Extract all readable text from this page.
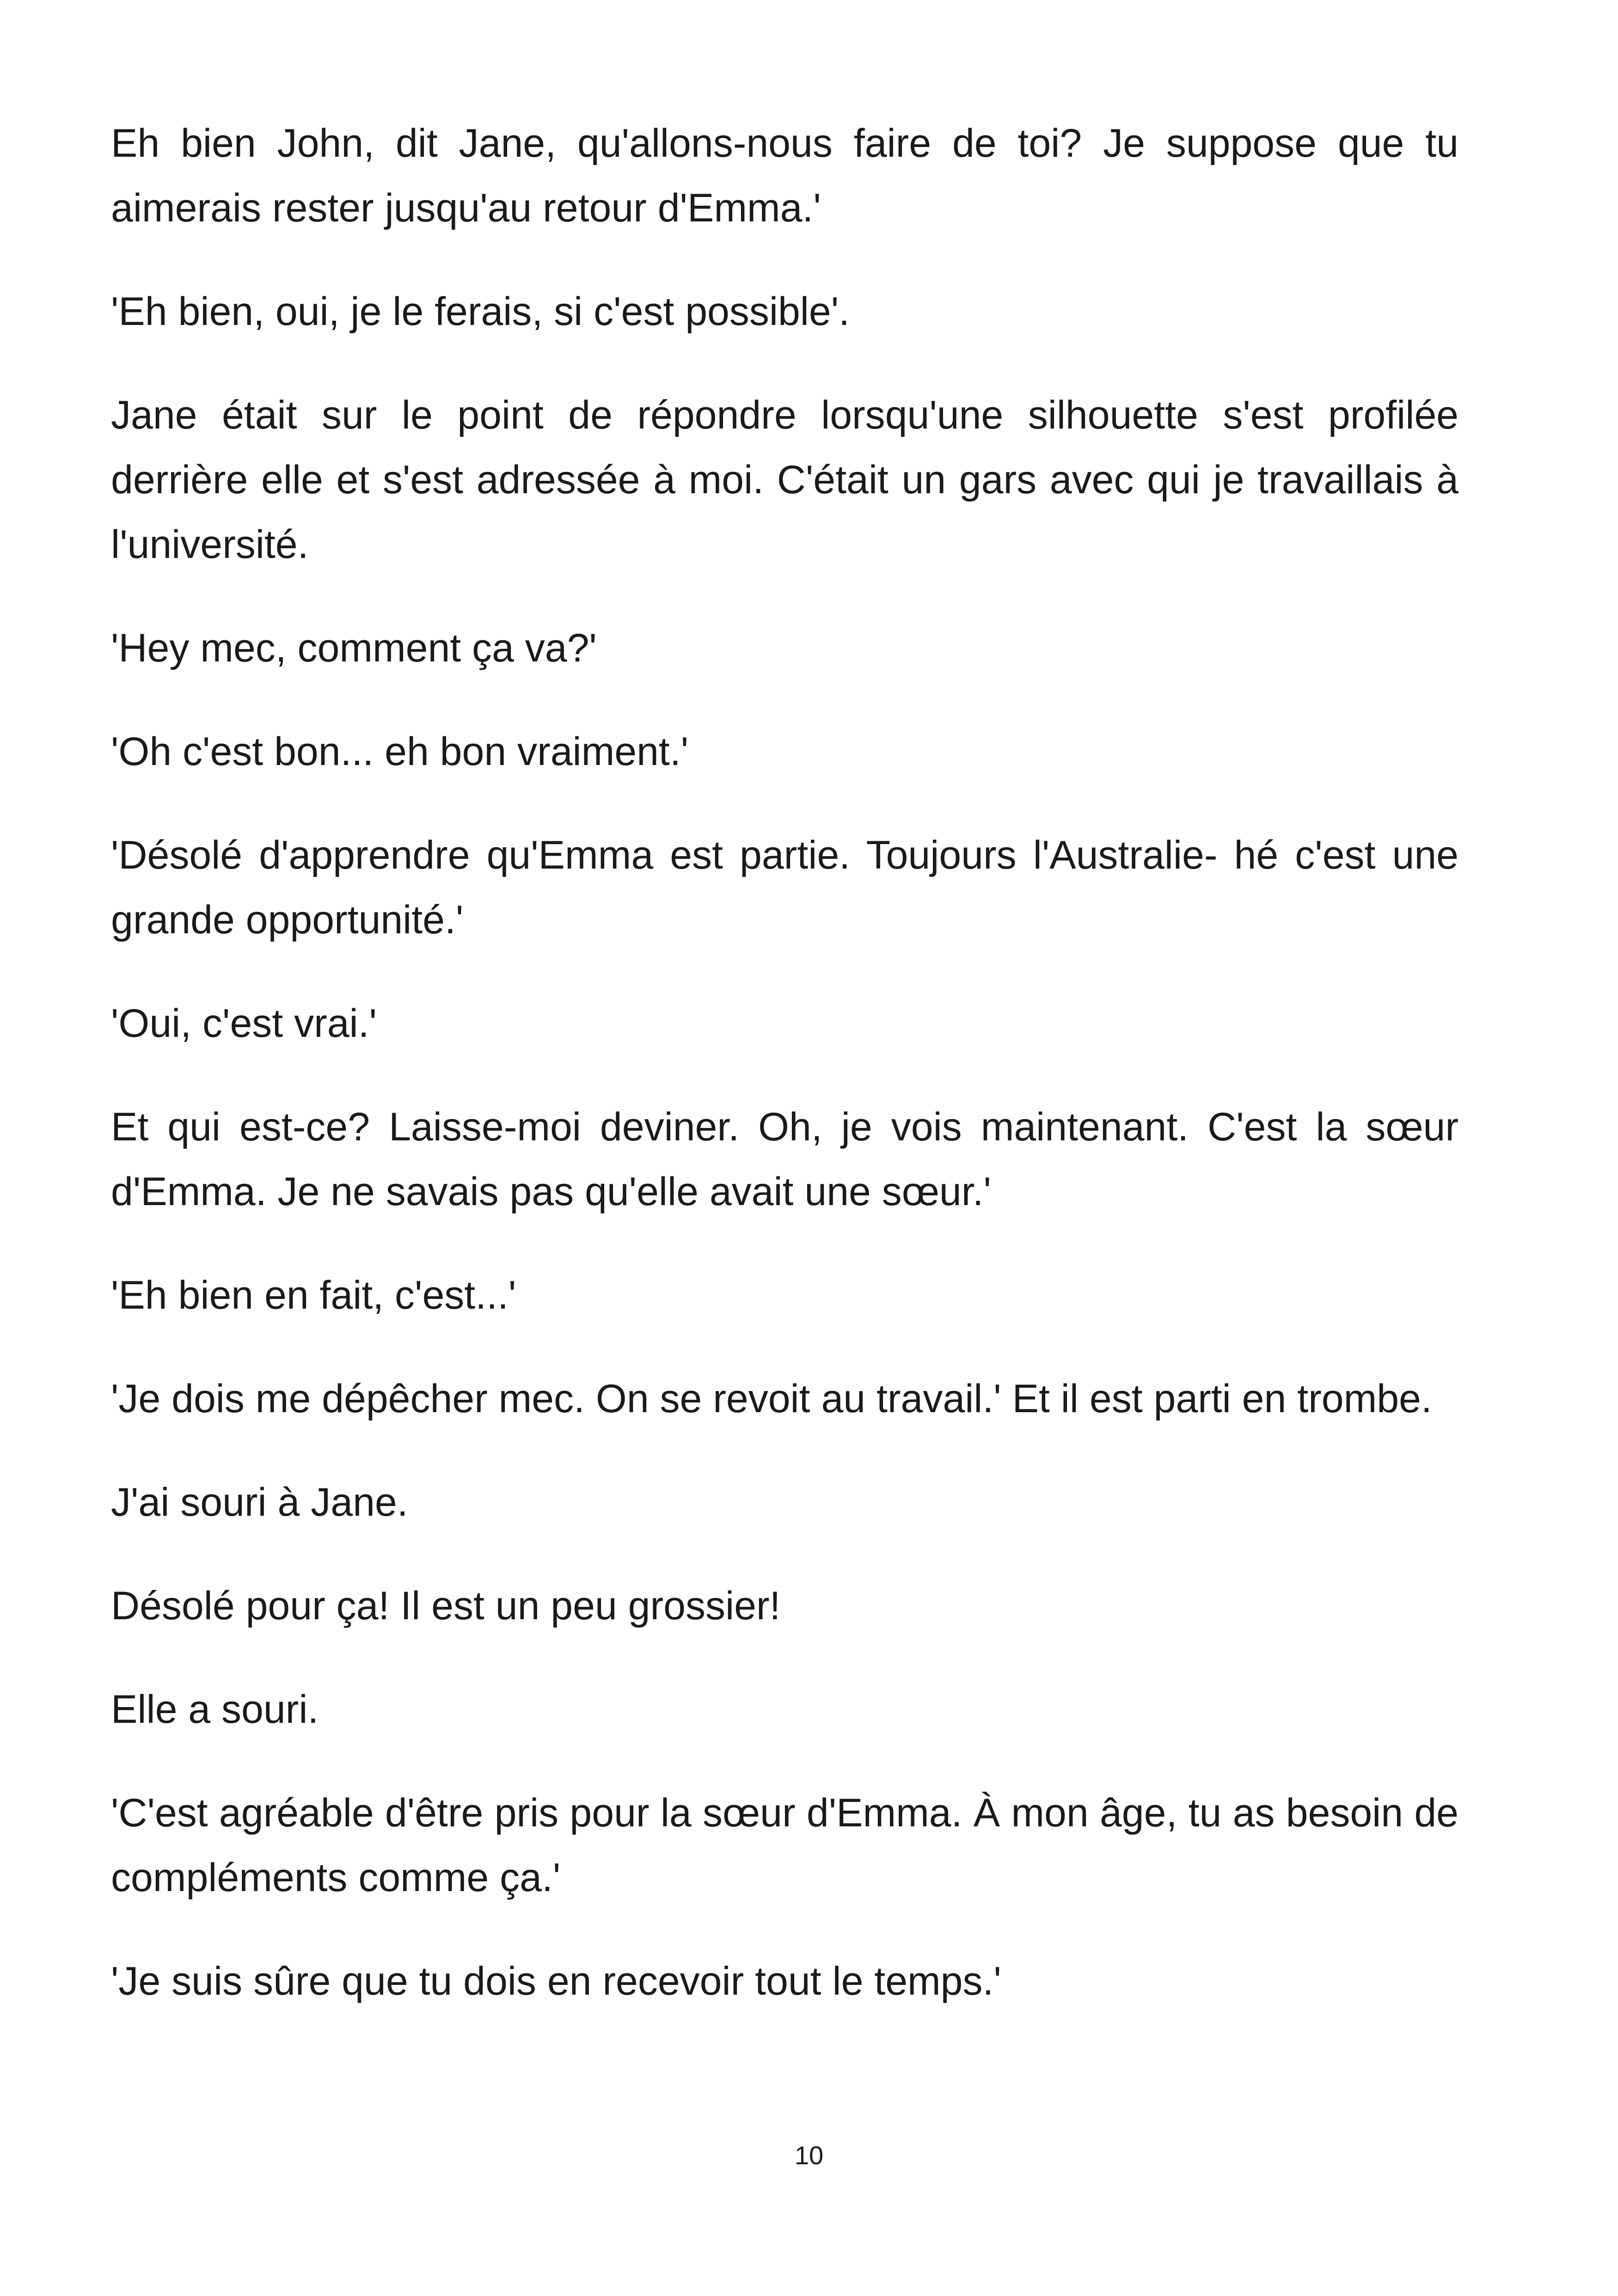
Eh bien John, dit Jane, qu'allons-nous faire de toi? Je suppose que tu aimerais rester jusqu'au retour d'Emma.'

'Eh bien, oui, je le ferais, si c'est possible'.

Jane était sur le point de répondre lorsqu'une silhouette s'est profilée derrière elle et s'est adressée à moi. C'était un gars avec qui je travaillais à l'université.

'Hey mec, comment ça va?'

'Oh c'est bon... eh bon vraiment.'

'Désolé d'apprendre qu'Emma est partie. Toujours l'Australie- hé c'est une grande opportunité.'

'Oui, c'est vrai.'

Et qui est-ce? Laisse-moi deviner. Oh, je vois maintenant. C'est la sœur d'Emma. Je ne savais pas qu'elle avait une sœur.'

'Eh bien en fait, c'est...'

'Je dois me dépêcher mec. On se revoit au travail.' Et il est parti en trombe.

J'ai souri à Jane.

Désolé pour ça! Il est un peu grossier!

Elle a souri.

'C'est agréable d'être pris pour la sœur d'Emma. À mon âge, tu as besoin de compléments comme ça.'

'Je suis sûre que tu dois en recevoir tout le temps.'

10
